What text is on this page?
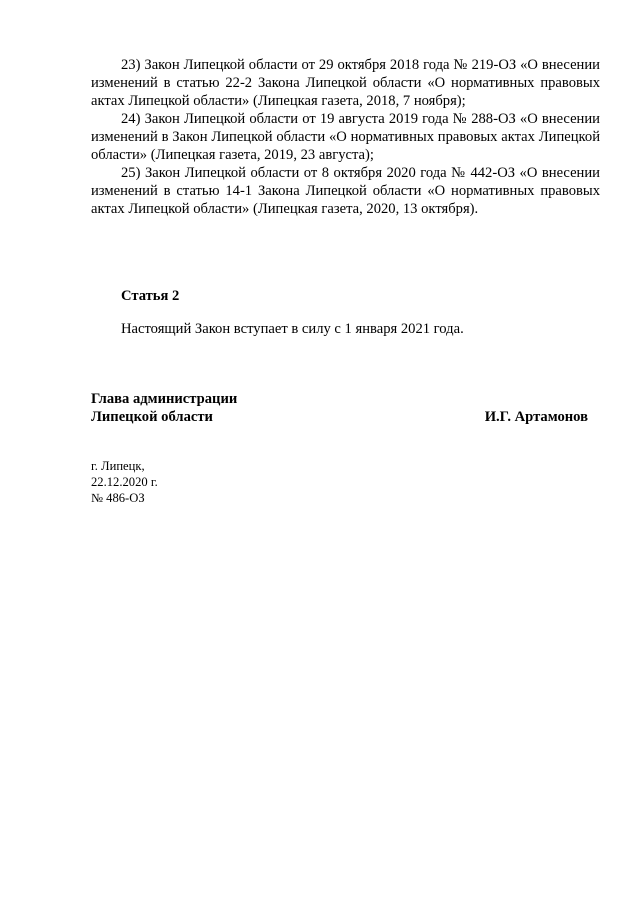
23) Закон Липецкой области от 29 октября 2018 года № 219-ОЗ «О внесении изменений в статью 22-2 Закона Липецкой области «О нормативных правовых актах Липецкой области» (Липецкая газета, 2018, 7 ноября);

24) Закон Липецкой области от 19 августа 2019 года № 288-ОЗ «О внесении изменений в Закон Липецкой области «О нормативных правовых актах Липецкой области» (Липецкая газета, 2019, 23 августа);

25) Закон Липецкой области от 8 октября 2020 года № 442-ОЗ «О внесении изменений в статью 14-1 Закона Липецкой области «О нормативных правовых актах Липецкой области» (Липецкая газета, 2020, 13 октября).

Статья 2

Настоящий Закон вступает в силу с 1 января 2021 года.

Глава администрации
Липецкой области	И.Г. Артамонов
г. Липецк,
22.12.2020 г.
№ 486-ОЗ
